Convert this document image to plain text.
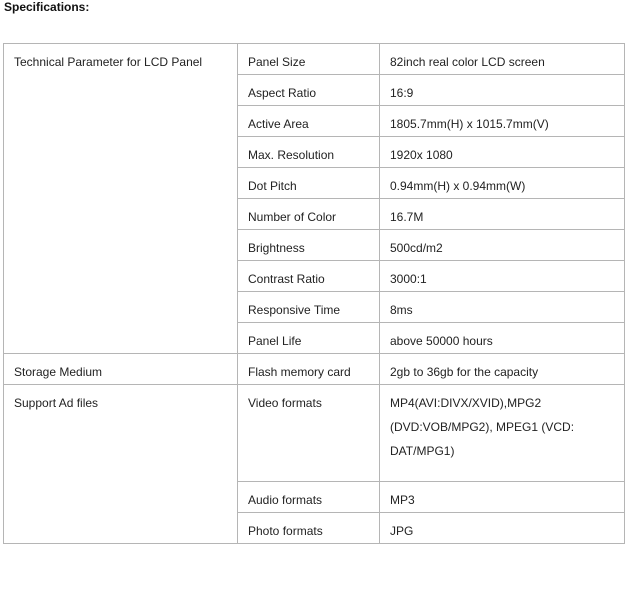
Specifications:
Technical Parameter for LCD Panel	Panel Size	82inch real color LCD screen

	Aspect Ratio	16:9

	Active Area	1805.7mm(H) x 1015.7mm(V)

	Max. Resolution	1920x 1080

	Dot Pitch	0.94mm(H) x 0.94mm(W)

	Number of Color	16.7M

	Brightness	500cd/m2

	Contrast Ratio	3000:1

	Responsive Time	8ms

	Panel Life	above 50000 hours

Storage Medium	Flash memory card	2gb to 36gb for the capacity

Support Ad files	Video formats	MP4(AVI:DIVX/XVID),MPG2 (DVD:VOB/MPG2), MPEG1 (VCD: DAT/MPG1)

	Audio formats	MP3

	Photo formats	JPG
